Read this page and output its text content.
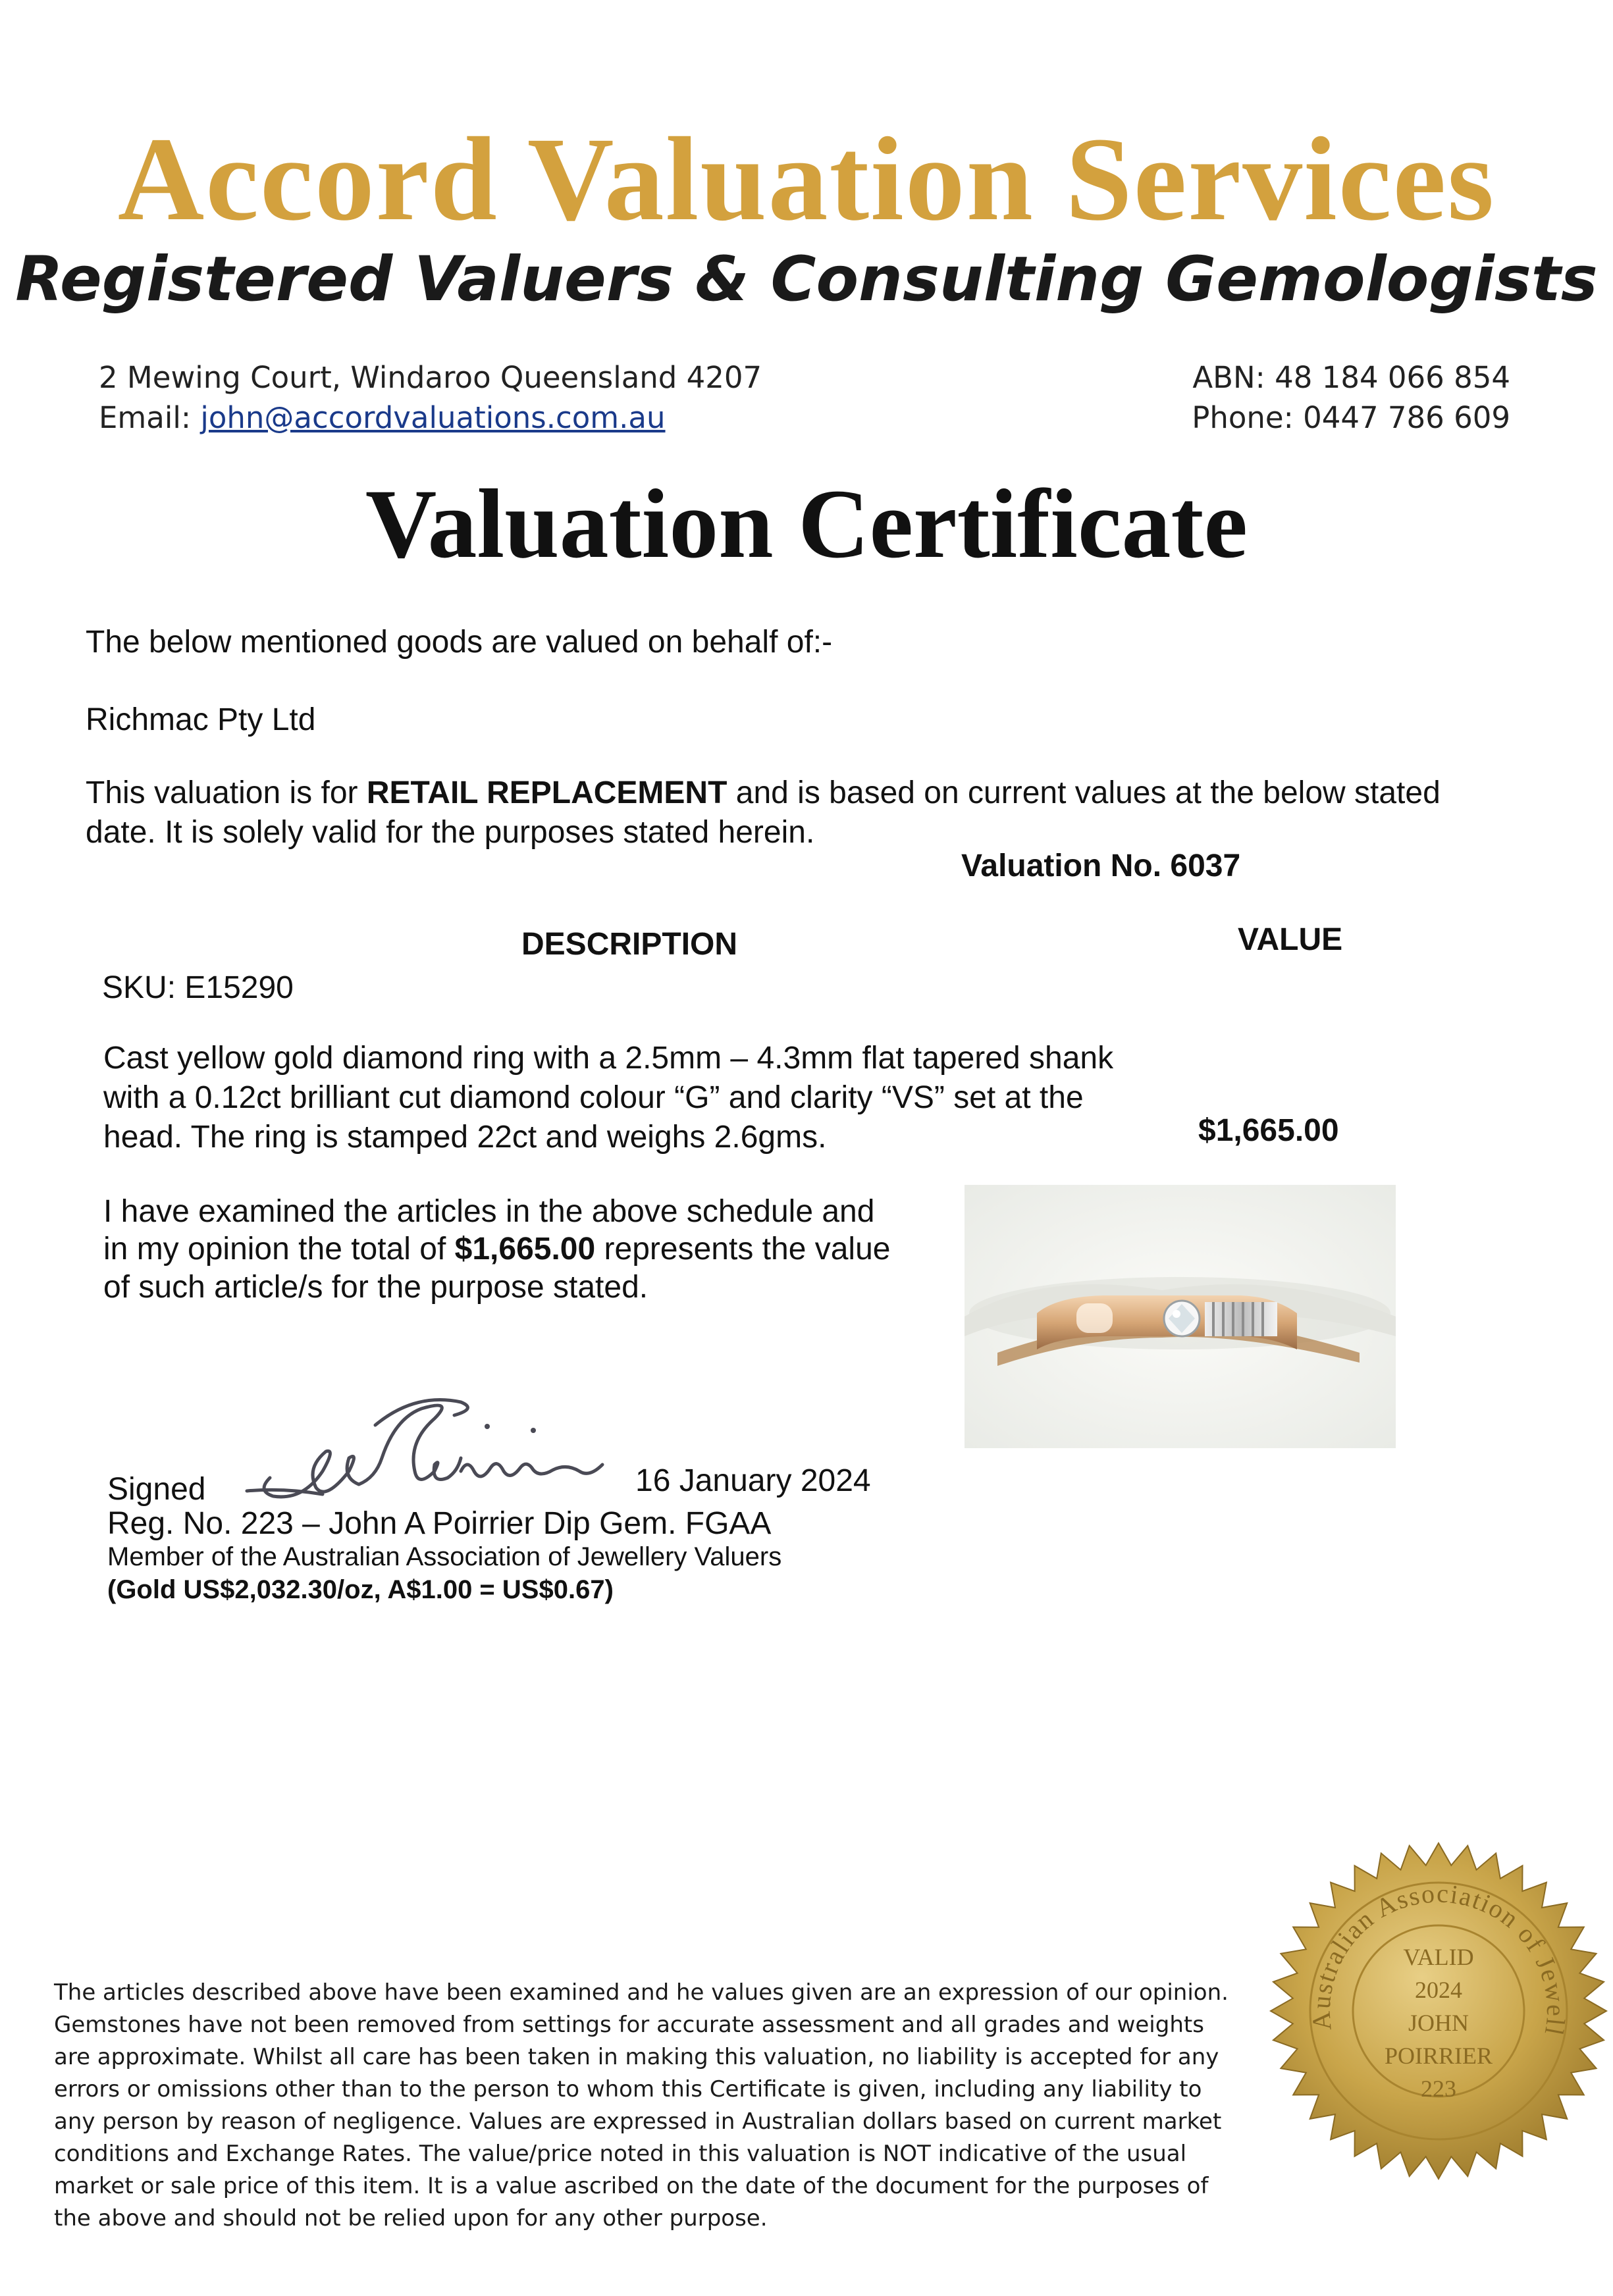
Accord Valuation Services
Registered Valuers & Consulting Gemologists
2 Mewing Court, Windaroo Queensland 4207
Email: john@accordvaluations.com.au
ABN: 48 184 066 854
Phone: 0447 786 609
Valuation Certificate
The below mentioned goods are valued on behalf of:-
Richmac Pty Ltd
This valuation is for RETAIL REPLACEMENT and is based on current values at the below stated
date. It is solely valid for the purposes stated herein.
Valuation No. 6037
DESCRIPTION	VALUE
SKU: E15290
Cast yellow gold diamond ring with a 2.5mm – 4.3mm flat tapered shank
with a 0.12ct brilliant cut diamond colour “G” and clarity “VS” set at the
head. The ring is stamped 22ct and weighs 2.6gms.	$1,665.00
I have examined the articles in the above schedule and
in my opinion the total of $1,665.00 represents the value
of such article/s for the purpose stated.
Signed	16 January 2024
Reg. No. 223 – John A Poirrier Dip Gem. FGAA
Member of the Australian Association of Jewellery Valuers
(Gold US$2,032.30/oz, A$1.00 = US$0.67)
The articles described above have been examined and he values given are an expression of our opinion.
Gemstones have not been removed from settings for accurate assessment and all grades and weights
are approximate. Whilst all care has been taken in making this valuation, no liability is accepted for any
errors or omissions other than to the person to whom this Certificate is given, including any liability to
any person by reason of negligence. Values are expressed in Australian dollars based on current market
conditions and Exchange Rates. The value/price noted in this valuation is NOT indicative of the usual
market or sale price of this item. It is a value ascribed on the date of the document for the purposes of
the above and should not be relied upon for any other purpose.
Australian Association of Jewell
VALID
2024
JOHN
POIRRIER
223
